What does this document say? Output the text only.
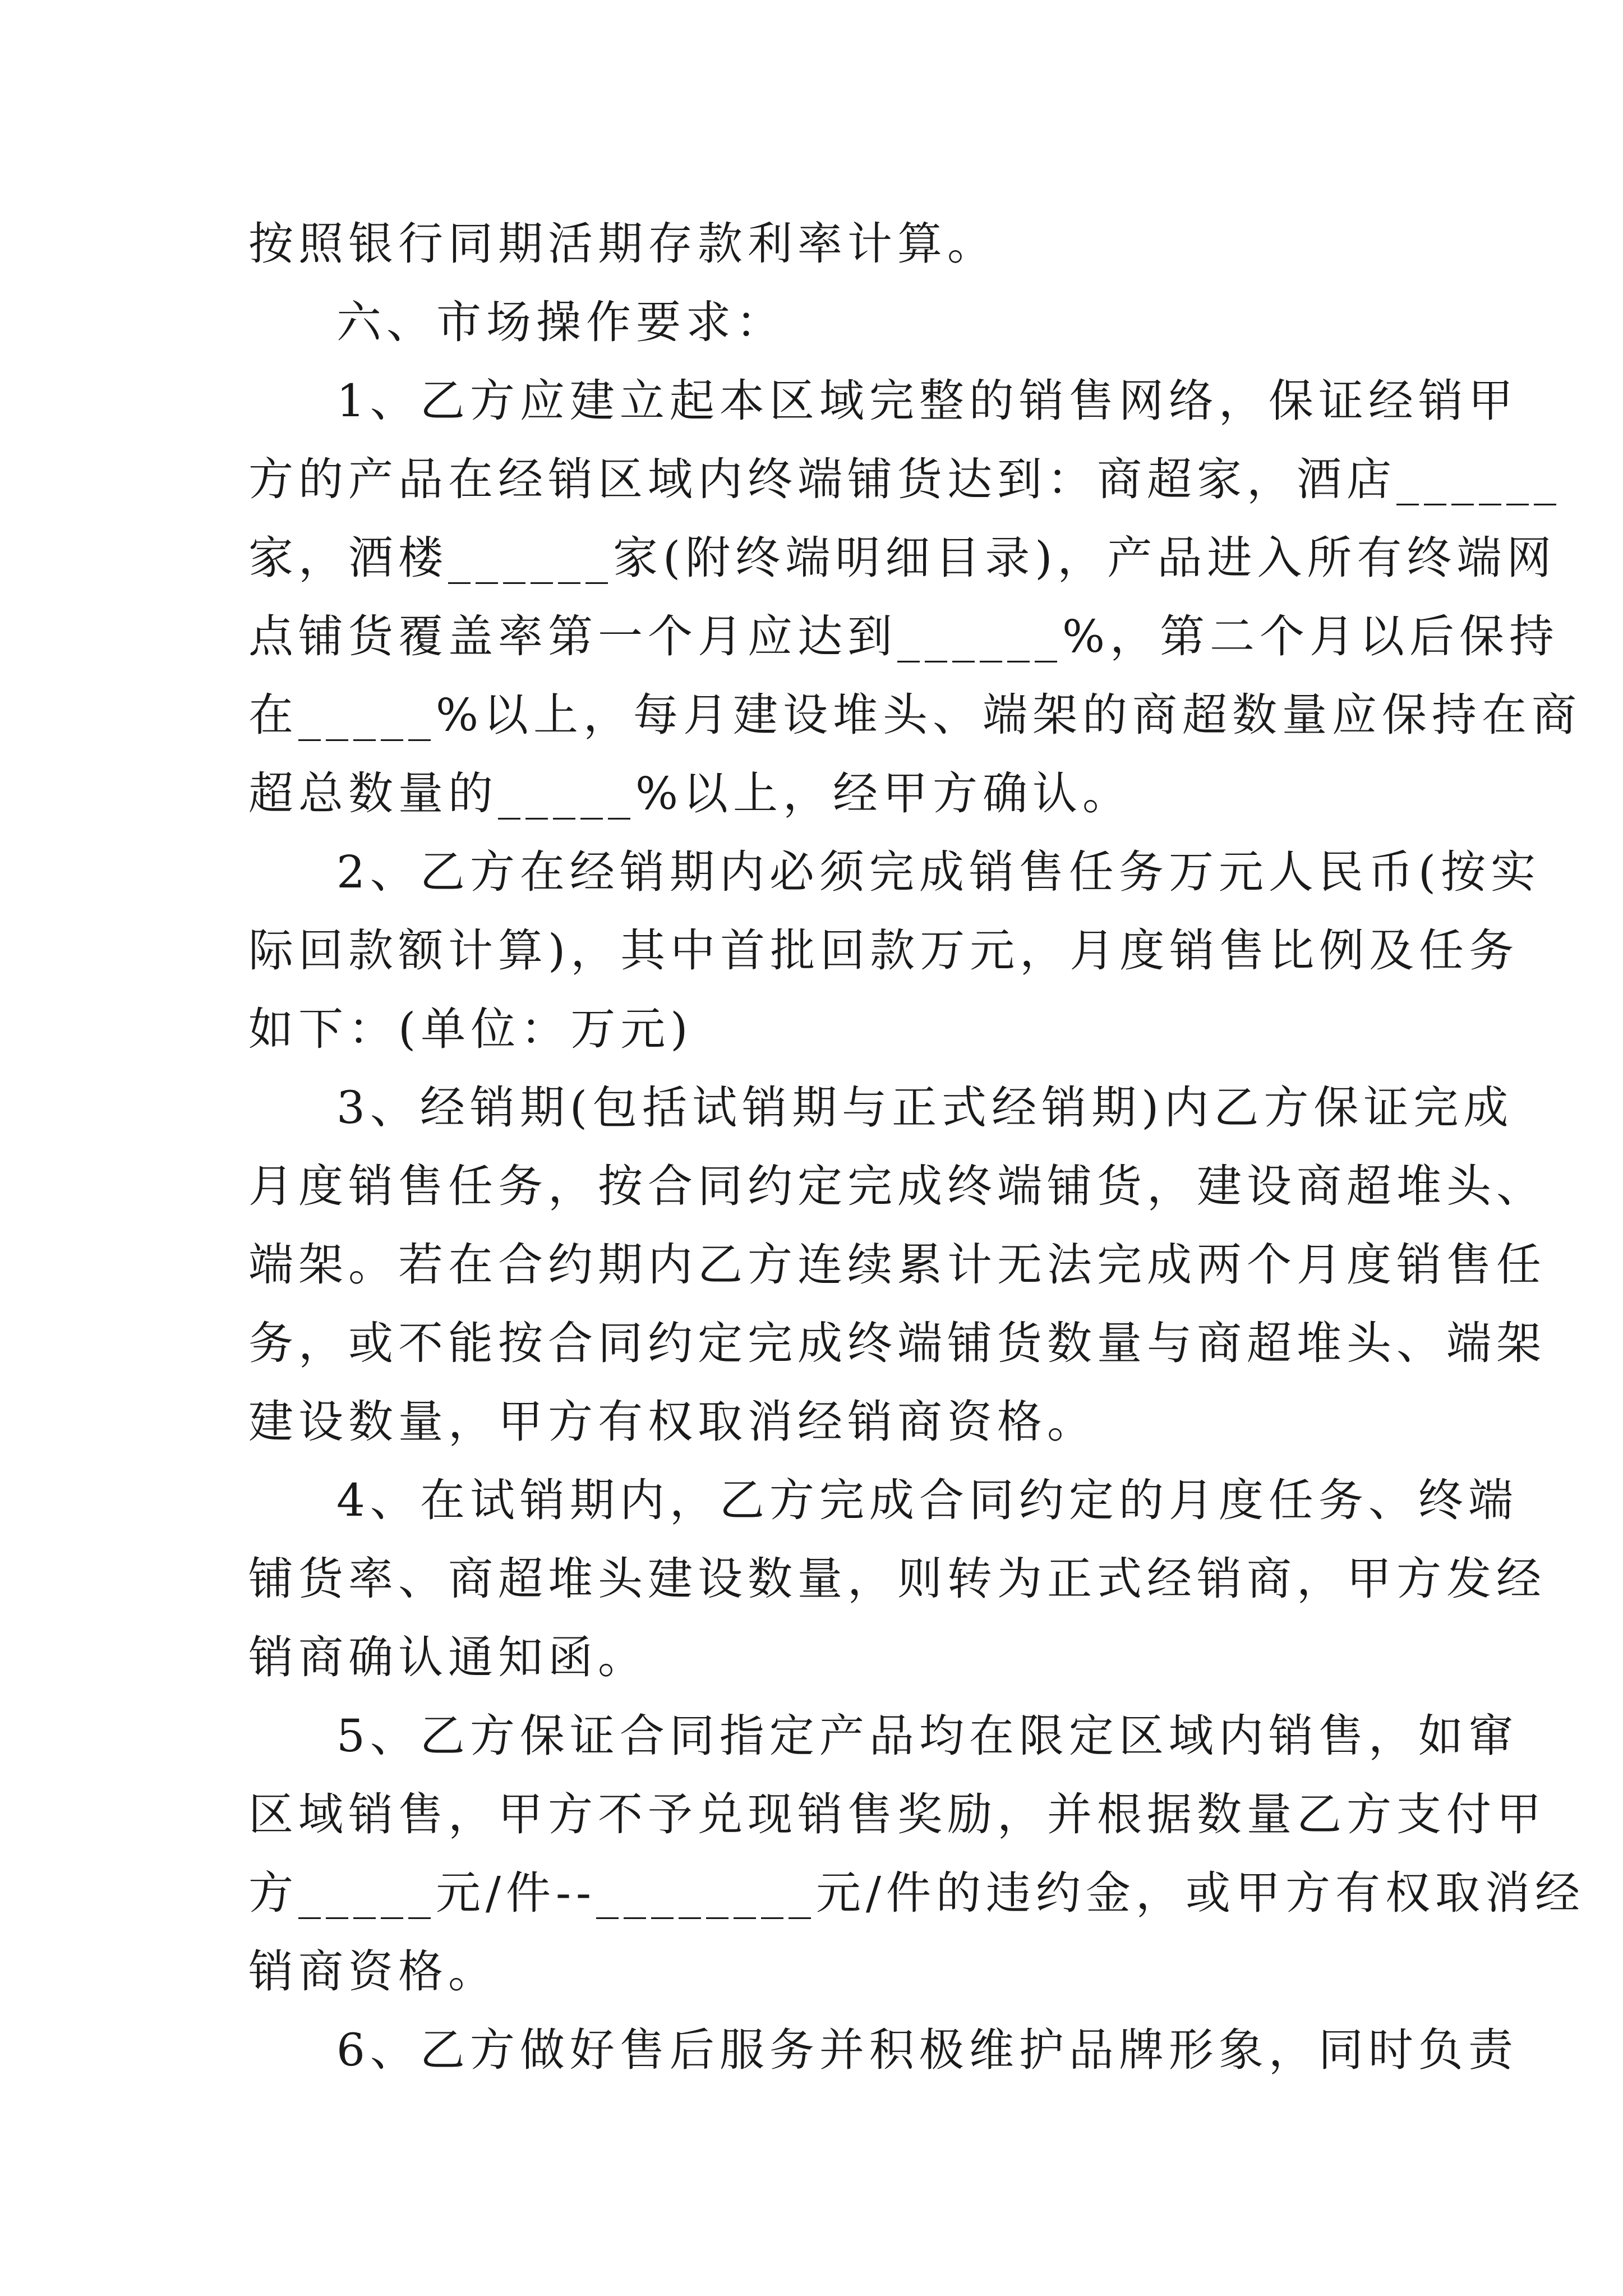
按照银行同期活期存款利率计算。
六、市场操作要求：
1、乙方应建立起本区域完整的销售网络，保证经销甲
方的产品在经销区域内终端铺货达到：商超家，酒店______
家，酒楼______家(附终端明细目录)，产品进入所有终端网
点铺货覆盖率第一个月应达到______%，第二个月以后保持
在_____%以上，每月建设堆头、端架的商超数量应保持在商
超总数量的_____%以上，经甲方确认。
2、乙方在经销期内必须完成销售任务万元人民币(按实
际回款额计算)，其中首批回款万元，月度销售比例及任务
如下：(单位：万元)
3、经销期(包括试销期与正式经销期)内乙方保证完成
月度销售任务，按合同约定完成终端铺货，建设商超堆头、
端架。若在合约期内乙方连续累计无法完成两个月度销售任
务，或不能按合同约定完成终端铺货数量与商超堆头、端架
建设数量，甲方有权取消经销商资格。
4、在试销期内，乙方完成合同约定的月度任务、终端
铺货率、商超堆头建设数量，则转为正式经销商，甲方发经
销商确认通知函。
5、乙方保证合同指定产品均在限定区域内销售，如窜
区域销售，甲方不予兑现销售奖励，并根据数量乙方支付甲
方_____元/件--________元/件的违约金，或甲方有权取消经
销商资格。
6、乙方做好售后服务并积极维护品牌形象，同时负责
